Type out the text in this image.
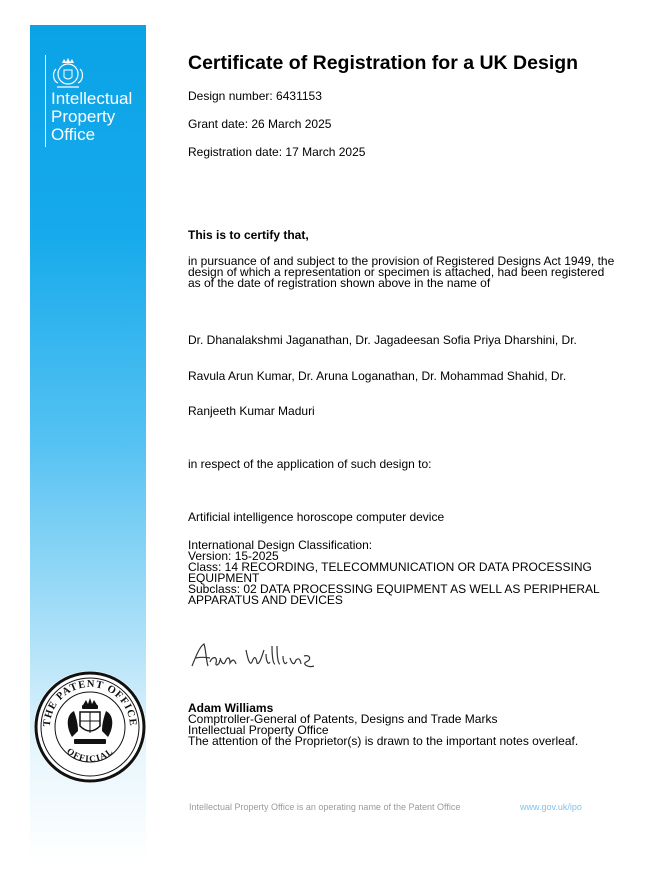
Intellectual
Property
Office
Certificate of Registration for a UK Design
Design number: 6431153
Grant date: 26 March 2025
Registration date: 17 March 2025
This is to certify that,
in pursuance of and subject to the provision of Registered Designs Act 1949, the
design of which a representation or specimen is attached, had been registered
as of the date of registration shown above in the name of
Dr. Dhanalakshmi Jaganathan, Dr. Jagadeesan Sofia Priya Dharshini, Dr.
Ravula Arun Kumar, Dr. Aruna Loganathan, Dr. Mohammad Shahid, Dr.
Ranjeeth Kumar Maduri
in respect of the application of such design to:
Artificial intelligence horoscope computer device
International Design Classification:
Version: 15-2025
Class: 14 RECORDING, TELECOMMUNICATION OR DATA PROCESSING
EQUIPMENT
Subclass: 02 DATA PROCESSING EQUIPMENT AS WELL AS PERIPHERAL
APPARATUS AND DEVICES
Adam Williams
Comptroller-General of Patents, Designs and Trade Marks
Intellectual Property Office
The attention of the Proprietor(s) is drawn to the important notes overleaf.
THE PATENT OFFICE
OFFICIAL
Intellectual Property Office is an operating name of the Patent Office	www.gov.uk/ipo
